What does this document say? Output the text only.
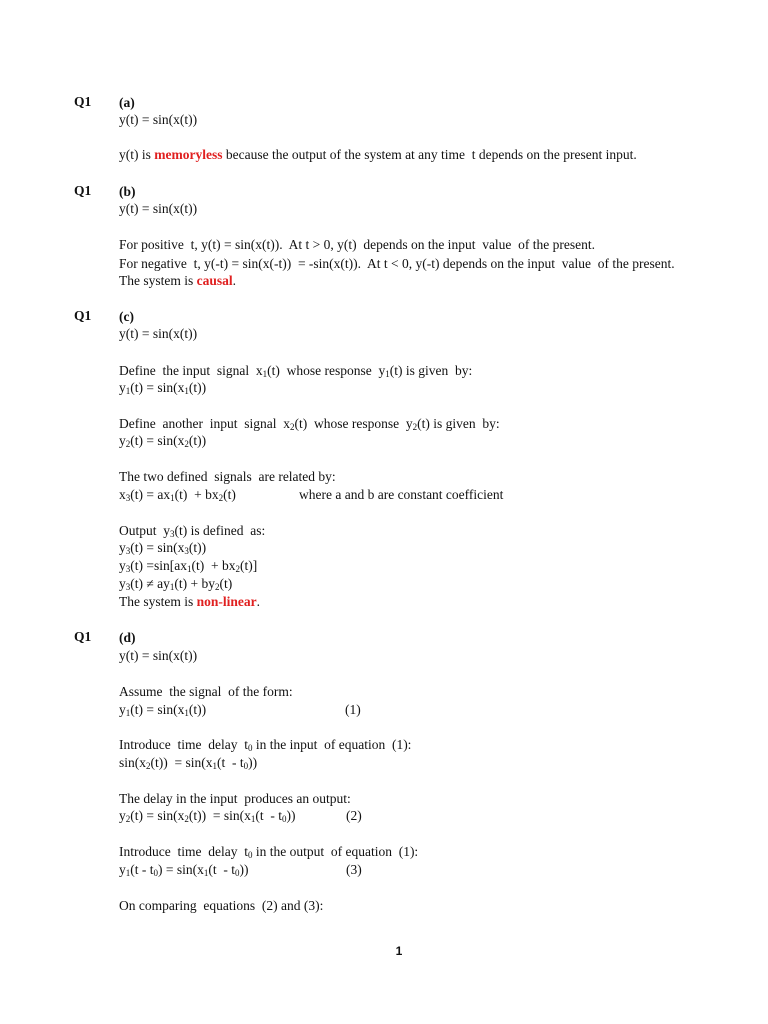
Q1 (a)
y(t) = sin(x(t))
y(t) is memoryless because the output of the system at any time  t depends on the present input.
Q1 (b)
y(t) = sin(x(t))
For positive  t, y(t) = sin(x(t)).  At t > 0, y(t)  depends on the input  value  of the present.
For negative  t, y(-t) = sin(x(-t))  = -sin(x(t)).  At t < 0, y(-t) depends on the input  value  of the present.
The system is causal.
Q1 (c)
y(t) = sin(x(t))
Define  the input  signal  $x_1(t)$  whose response  $y_1(t)$ is given  by:
$y_1(t) = \sin(x_1(t))$
Define  another  input  signal  $x_2(t)$  whose response  $y_2(t)$ is given  by:
$y_2(t) = \sin(x_2(t))$
The two defined  signals  are related by:
$x_3(t) = ax_1(t) + bx_2(t)$	where a and b are constant coefficient
Output  $y_3(t)$ is defined  as:
$y_3(t) = \sin(x_3(t))$
$y_3(t) =\sin[ax_1(t) + bx_2(t)]$
$y_3(t) \ne ay_1(t) + by_2(t)$
The system is non-linear.
Q1 (d)
y(t) = sin(x(t))
Assume  the signal  of the form:
$y_1(t) = \sin(x_1(t))$	(1)
Introduce  time  delay  $t_0$ in the input  of equation  (1):
$\sin(x_2(t)) = \sin(x_1(t - t_0))$
The delay in the input  produces an output:
$y_2(t) = \sin(x_2(t)) = \sin(x_1(t - t_0))$	(2)
Introduce  time  delay  $t_0$ in the output  of equation  (1):
$y_1(t - t_0) = \sin(x_1(t - t_0))$	(3)
On comparing  equations  (2) and (3):
1
